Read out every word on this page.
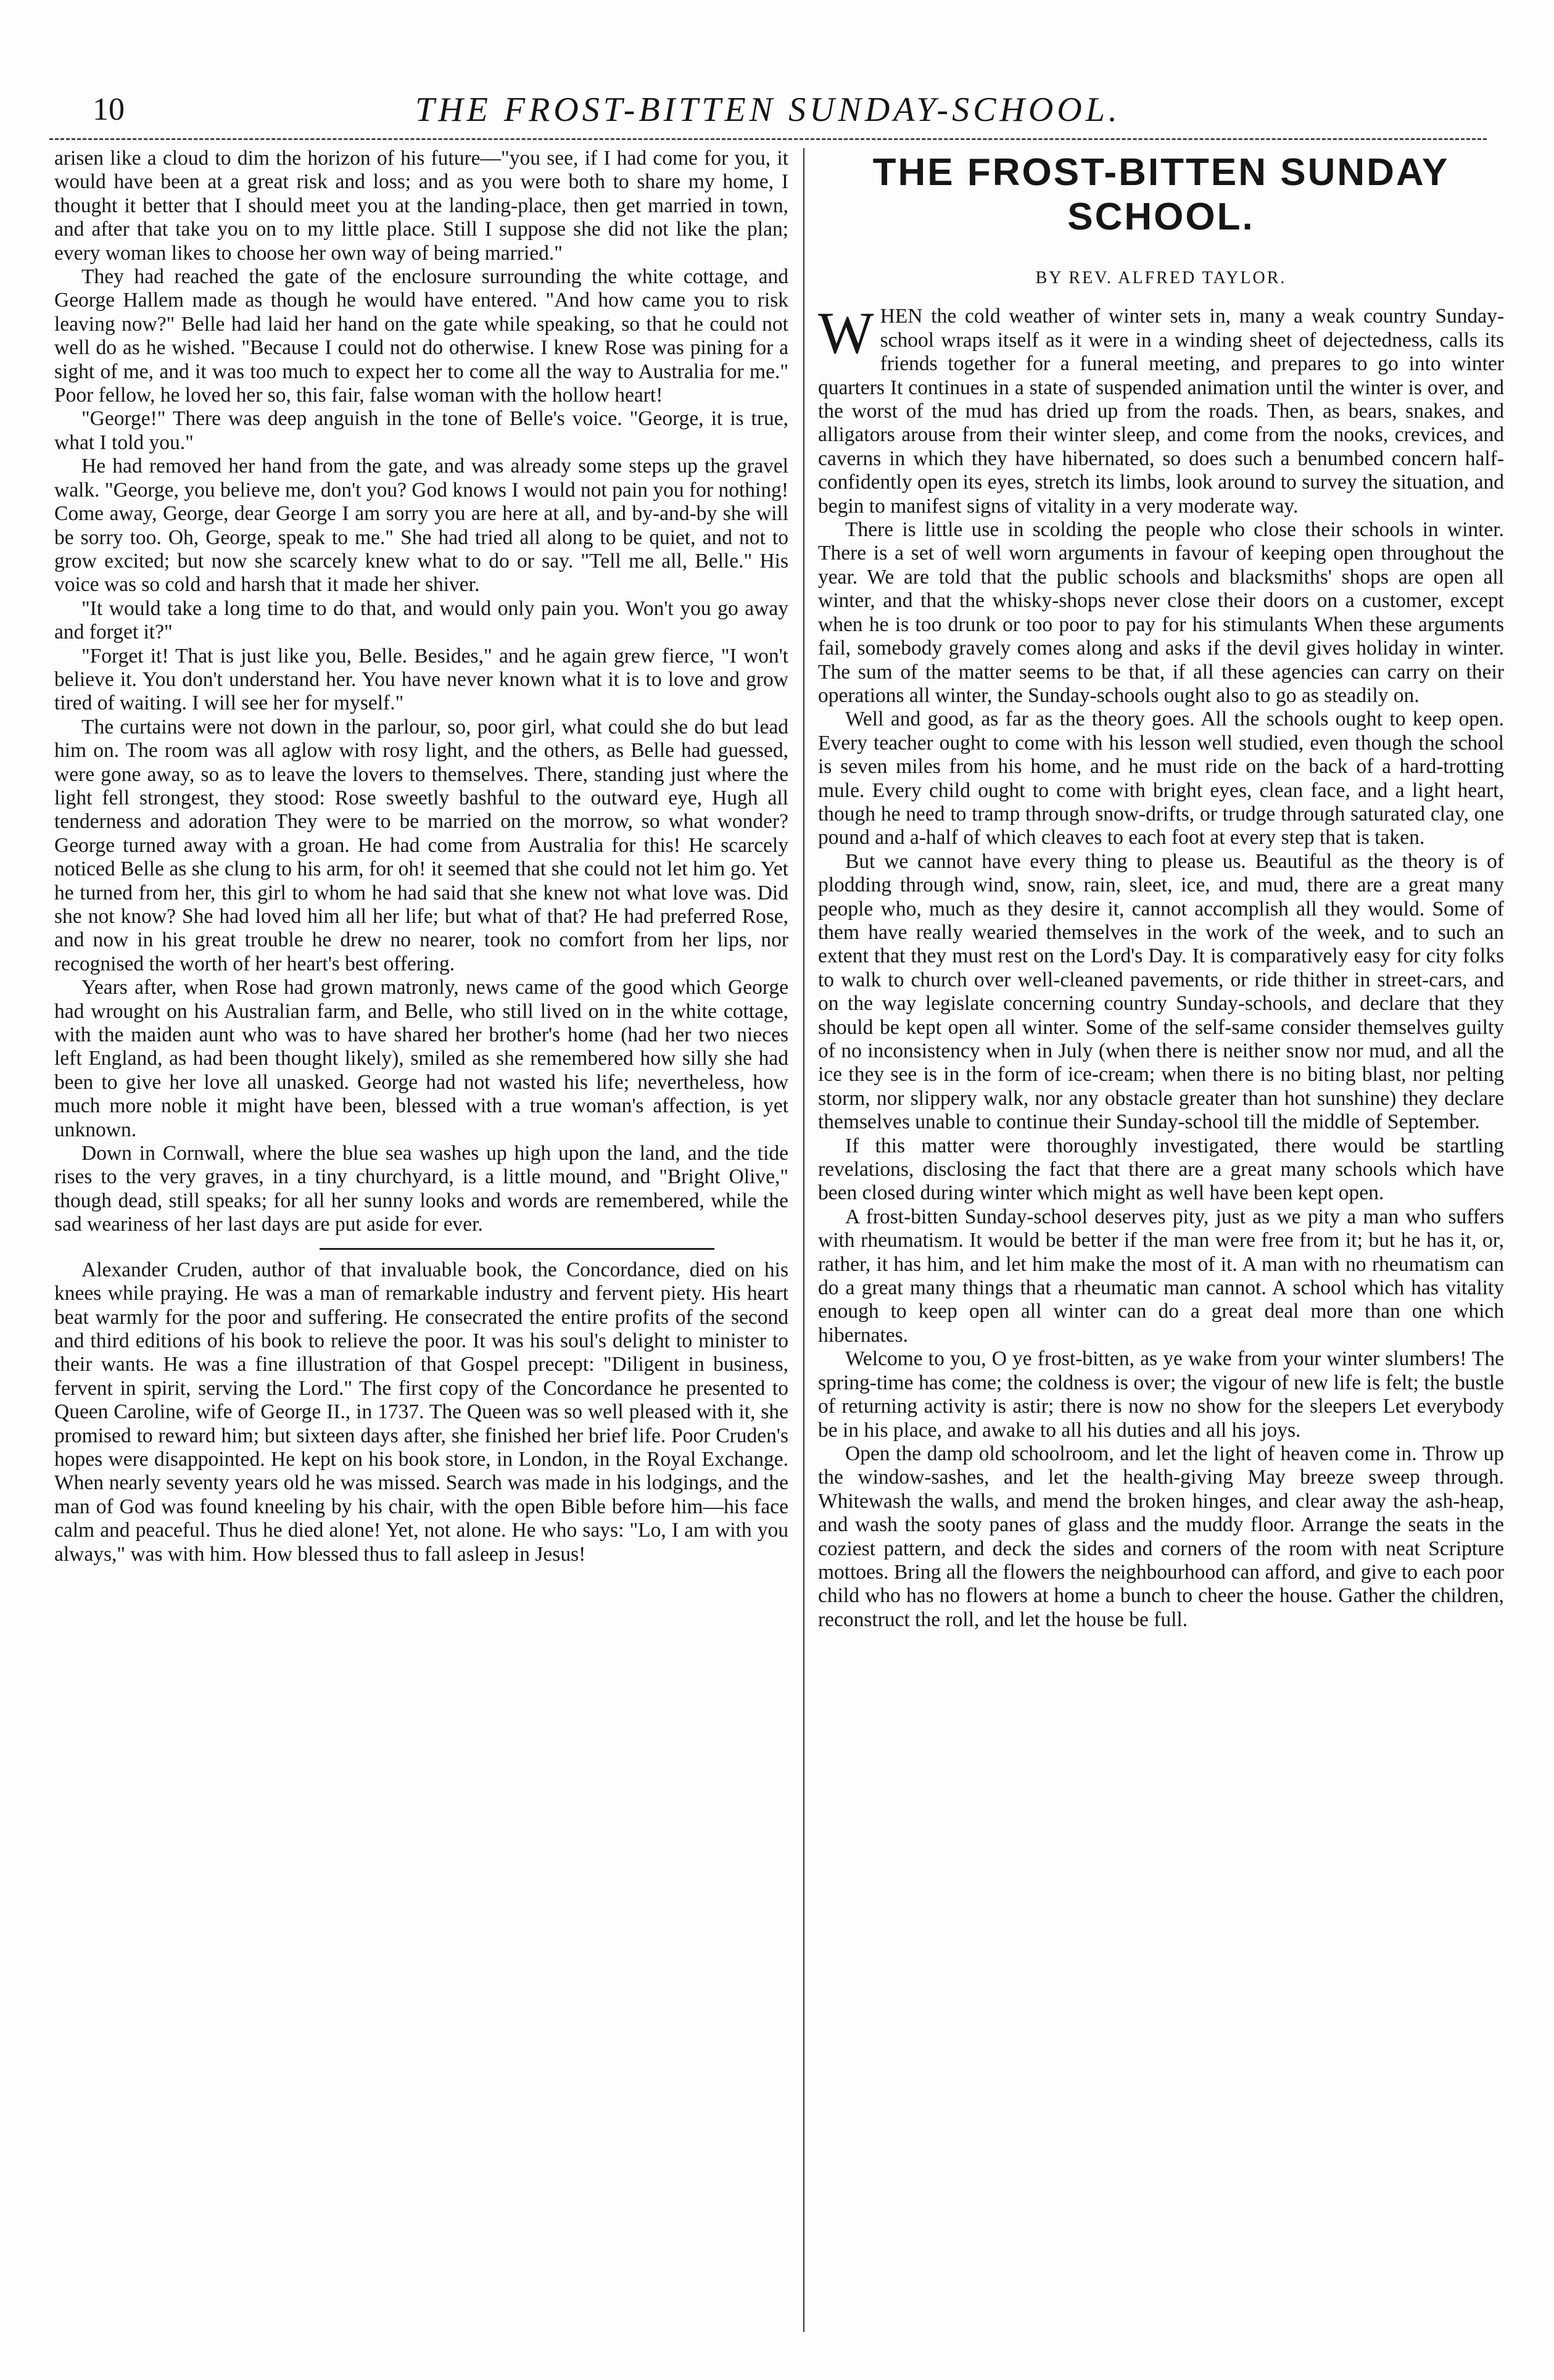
10	THE FROST-BITTEN SUNDAY-SCHOOL.

arisen like a cloud to dim the horizon of his future—"you see, if I had come for you, it would have been at a great risk and loss; and as you were both to share my home, I thought it better that I should meet you at the landing-place, then get married in town, and after that take you on to my little place. Still I suppose she did not like the plan; every woman likes to choose her own way of being married."

They had reached the gate of the enclosure surrounding the white cottage, and George Hallem made as though he would have entered. "And how came you to risk leaving now?" Belle had laid her hand on the gate while speaking, so that he could not well do as he wished. "Because I could not do otherwise. I knew Rose was pining for a sight of me, and it was too much to expect her to come all the way to Australia for me." Poor fellow, he loved her so, this fair, false woman with the hollow heart!

"George!" There was deep anguish in the tone of Belle's voice. "George, it is true, what I told you."

He had removed her hand from the gate, and was already some steps up the gravel walk. "George, you believe me, don't you? God knows I would not pain you for nothing! Come away, George, dear George I am sorry you are here at all, and by-and-by she will be sorry too. Oh, George, speak to me." She had tried all along to be quiet, and not to grow excited; but now she scarcely knew what to do or say. "Tell me all, Belle." His voice was so cold and harsh that it made her shiver.

"It would take a long time to do that, and would only pain you. Won't you go away and forget it?"

"Forget it! That is just like you, Belle. Besides," and he again grew fierce, "I won't believe it. You don't understand her. You have never known what it is to love and grow tired of waiting. I will see her for myself."

The curtains were not down in the parlour, so, poor girl, what could she do but lead him on. The room was all aglow with rosy light, and the others, as Belle had guessed, were gone away, so as to leave the lovers to themselves. There, standing just where the light fell strongest, they stood: Rose sweetly bashful to the outward eye, Hugh all tenderness and adoration They were to be married on the morrow, so what wonder? George turned away with a groan. He had come from Australia for this! He scarcely noticed Belle as she clung to his arm, for oh! it seemed that she could not let him go. Yet he turned from her, this girl to whom he had said that she knew not what love was. Did she not know? She had loved him all her life; but what of that? He had preferred Rose, and now in his great trouble he drew no nearer, took no comfort from her lips, nor recognised the worth of her heart's best offering.

Years after, when Rose had grown matronly, news came of the good which George had wrought on his Australian farm, and Belle, who still lived on in the white cottage, with the maiden aunt who was to have shared her brother's home (had her two nieces left England, as had been thought likely), smiled as she remembered how silly she had been to give her love all unasked. George had not wasted his life; nevertheless, how much more noble it might have been, blessed with a true woman's affection, is yet unknown.

Down in Cornwall, where the blue sea washes up high upon the land, and the tide rises to the very graves, in a tiny churchyard, is a little mound, and "Bright Olive," though dead, still speaks; for all her sunny looks and words are remembered, while the sad weariness of her last days are put aside for ever.

Alexander Cruden, author of that invaluable book, the Concordance, died on his knees while praying. He was a man of remarkable industry and fervent piety. His heart beat warmly for the poor and suffering. He consecrated the entire profits of the second and third editions of his book to relieve the poor. It was his soul's delight to minister to their wants. He was a fine illustration of that Gospel precept: "Diligent in business, fervent in spirit, serving the Lord." The first copy of the Concordance he presented to Queen Caroline, wife of George II., in 1737. The Queen was so well pleased with it, she promised to reward him; but sixteen days after, she finished her brief life. Poor Cruden's hopes were disappointed. He kept on his book store, in London, in the Royal Exchange. When nearly seventy years old he was missed. Search was made in his lodgings, and the man of God was found kneeling by his chair, with the open Bible before him—his face calm and peaceful. Thus he died alone! Yet, not alone. He who says: "Lo, I am with you always," was with him. How blessed thus to fall asleep in Jesus!

THE FROST-BITTEN SUNDAY SCHOOL.
BY REV. ALFRED TAYLOR.

WHEN the cold weather of winter sets in, many a weak country Sunday-school wraps itself as it were in a winding sheet of dejectedness, calls its friends together for a funeral meeting, and prepares to go into winter quarters It continues in a state of suspended animation until the winter is over, and the worst of the mud has dried up from the roads. Then, as bears, snakes, and alligators arouse from their winter sleep, and come from the nooks, crevices, and caverns in which they have hibernated, so does such a benumbed concern half-confidently open its eyes, stretch its limbs, look around to survey the situation, and begin to manifest signs of vitality in a very moderate way.

There is little use in scolding the people who close their schools in winter. There is a set of well worn arguments in favour of keeping open throughout the year. We are told that the public schools and blacksmiths' shops are open all winter, and that the whisky-shops never close their doors on a customer, except when he is too drunk or too poor to pay for his stimulants When these arguments fail, somebody gravely comes along and asks if the devil gives holiday in winter. The sum of the matter seems to be that, if all these agencies can carry on their operations all winter, the Sunday-schools ought also to go as steadily on.

Well and good, as far as the theory goes. All the schools ought to keep open. Every teacher ought to come with his lesson well studied, even though the school is seven miles from his home, and he must ride on the back of a hard-trotting mule. Every child ought to come with bright eyes, clean face, and a light heart, though he need to tramp through snow-drifts, or trudge through saturated clay, one pound and a-half of which cleaves to each foot at every step that is taken.

But we cannot have every thing to please us. Beautiful as the theory is of plodding through wind, snow, rain, sleet, ice, and mud, there are a great many people who, much as they desire it, cannot accomplish all they would. Some of them have really wearied themselves in the work of the week, and to such an extent that they must rest on the Lord's Day. It is comparatively easy for city folks to walk to church over well-cleaned pavements, or ride thither in street-cars, and on the way legislate concerning country Sunday-schools, and declare that they should be kept open all winter. Some of the self-same consider themselves guilty of no inconsistency when in July (when there is neither snow nor mud, and all the ice they see is in the form of ice-cream; when there is no biting blast, nor pelting storm, nor slippery walk, nor any obstacle greater than hot sunshine) they declare themselves unable to continue their Sunday-school till the middle of September.

If this matter were thoroughly investigated, there would be startling revelations, disclosing the fact that there are a great many schools which have been closed during winter which might as well have been kept open.

A frost-bitten Sunday-school deserves pity, just as we pity a man who suffers with rheumatism. It would be better if the man were free from it; but he has it, or, rather, it has him, and let him make the most of it. A man with no rheumatism can do a great many things that a rheumatic man cannot. A school which has vitality enough to keep open all winter can do a great deal more than one which hibernates.

Welcome to you, O ye frost-bitten, as ye wake from your winter slumbers! The spring-time has come; the coldness is over; the vigour of new life is felt; the bustle of returning activity is astir; there is now no show for the sleepers Let everybody be in his place, and awake to all his duties and all his joys.

Open the damp old schoolroom, and let the light of heaven come in. Throw up the window-sashes, and let the health-giving May breeze sweep through. Whitewash the walls, and mend the broken hinges, and clear away the ash-heap, and wash the sooty panes of glass and the muddy floor. Arrange the seats in the coziest pattern, and deck the sides and corners of the room with neat Scripture mottoes. Bring all the flowers the neighbourhood can afford, and give to each poor child who has no flowers at home a bunch to cheer the house. Gather the children, reconstruct the roll, and let the house be full.
